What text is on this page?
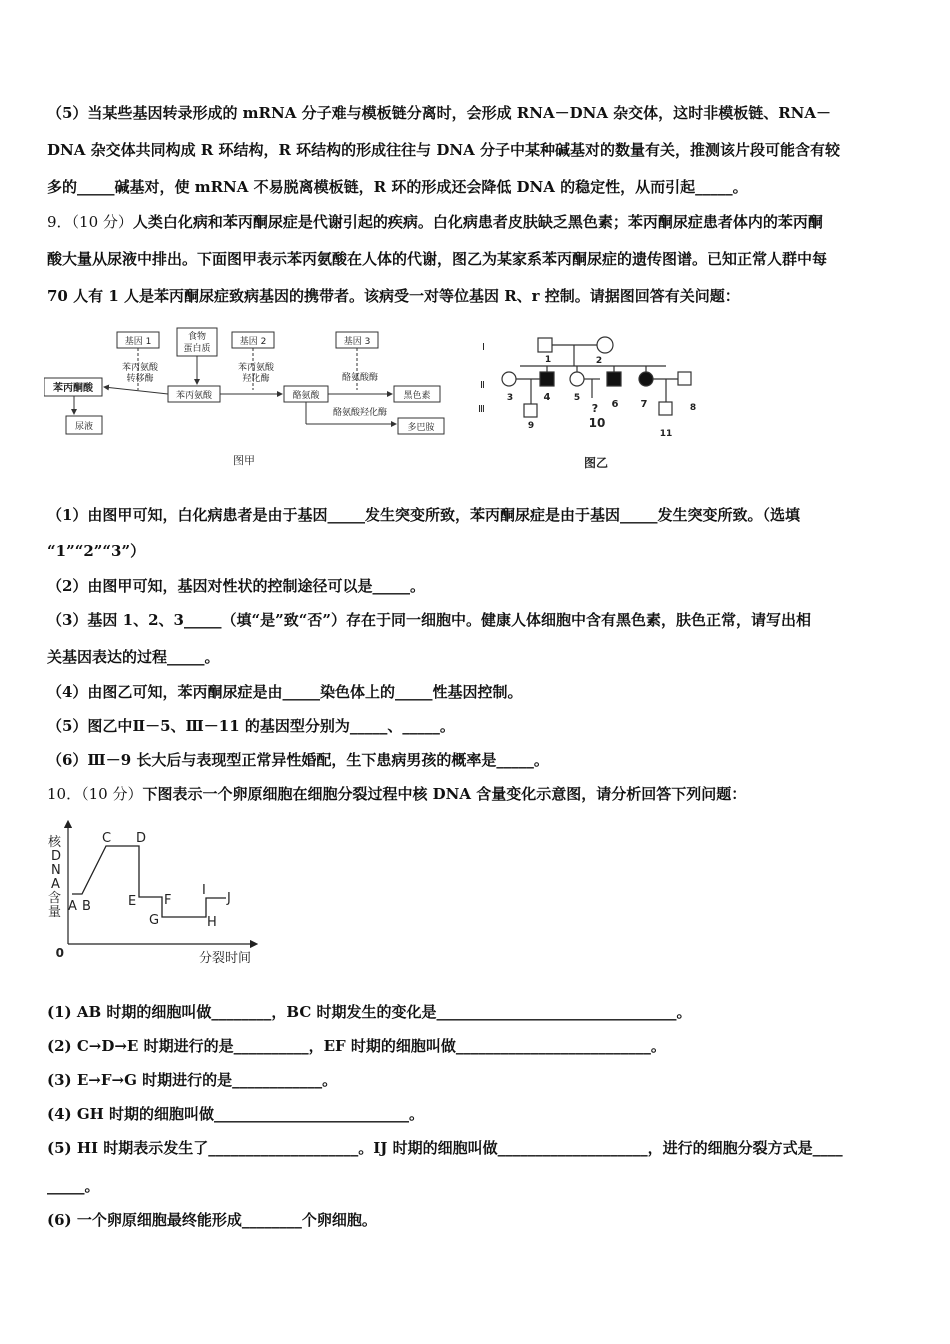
（5）当某些基因转录形成的 mRNA 分子难与模板链分离时，会形成 RNA－DNA 杂交体，这时非模板链、RNA－
DNA 杂交体共同构成 R 环结构，R 环结构的形成往往与 DNA 分子中某种碱基对的数量有关，推测该片段可能含有较
多的_____碱基对，使 mRNA 不易脱离模板链，R 环的形成还会降低 DNA 的稳定性，从而引起_____。
9．（10 分）人类白化病和苯丙酮尿症是代谢引起的疾病。白化病患者皮肤缺乏黑色素；苯丙酮尿症患者体内的苯丙酮
酸大量从尿液中排出。下面图甲表示苯丙氨酸在人体的代谢，图乙为某家系苯丙酮尿症的遗传图谱。已知正常人群中每
70 人有 1 人是苯丙酮尿症致病基因的携带者。该病受一对等位基因 R、r 控制。请据图回答有关问题：
基因 1	食物
蛋白质
基因 2	基因 3
苯丙氨酸
转移酶
苯丙氨酸
羟化酶	酪氨酸酶
酪氨酸羟化酶
苯丙酮酸
苯丙氨酸	酪氨酸	黑色素
尿液	多巴胺
图甲
Ⅰ
Ⅱ
Ⅲ
1	2
3	4	5
6 7	8
9	10
11
?
图乙
（1）由图甲可知，白化病患者是由于基因_____发生突变所致，苯丙酮尿症是由于基因_____发生突变所致。（选填
“1”“2”“3”）
（2）由图甲可知，基因对性状的控制途径可以是_____。
（3）基因 1、2、3_____（填“是”致“否”）存在于同一细胞中。健康人体细胞中含有黑色素，肤色正常，请写出相
关基因表达的过程_____。
（4）由图乙可知，苯丙酮尿症是由_____染色体上的_____性基因控制。
（5）图乙中Ⅱ－5、Ⅲ－11 的基因型分别为_____、_____。
（6）Ⅲ－9 长大后与表现型正常异性婚配，生下患病男孩的概率是_____。
10．（10 分）下图表示一个卵原细胞在细胞分裂过程中核 DNA 含量变化示意图，请分析回答下列问题：
核 D N A 含量
0	分裂时间
A B
C D
E F
G	H
I
J
(1) AB 时期的细胞叫做________，BC 时期发生的变化是________________________________。
(2) C→D→E 时期进行的是__________，EF 时期的细胞叫做__________________________。
(3) E→F→G 时期进行的是____________。
(4) GH 时期的细胞叫做__________________________。
(5) HI 时期表示发生了____________________。IJ 时期的细胞叫做____________________，进行的细胞分裂方式是____
_____。
(6) 一个卵原细胞最终能形成________个卵细胞。
